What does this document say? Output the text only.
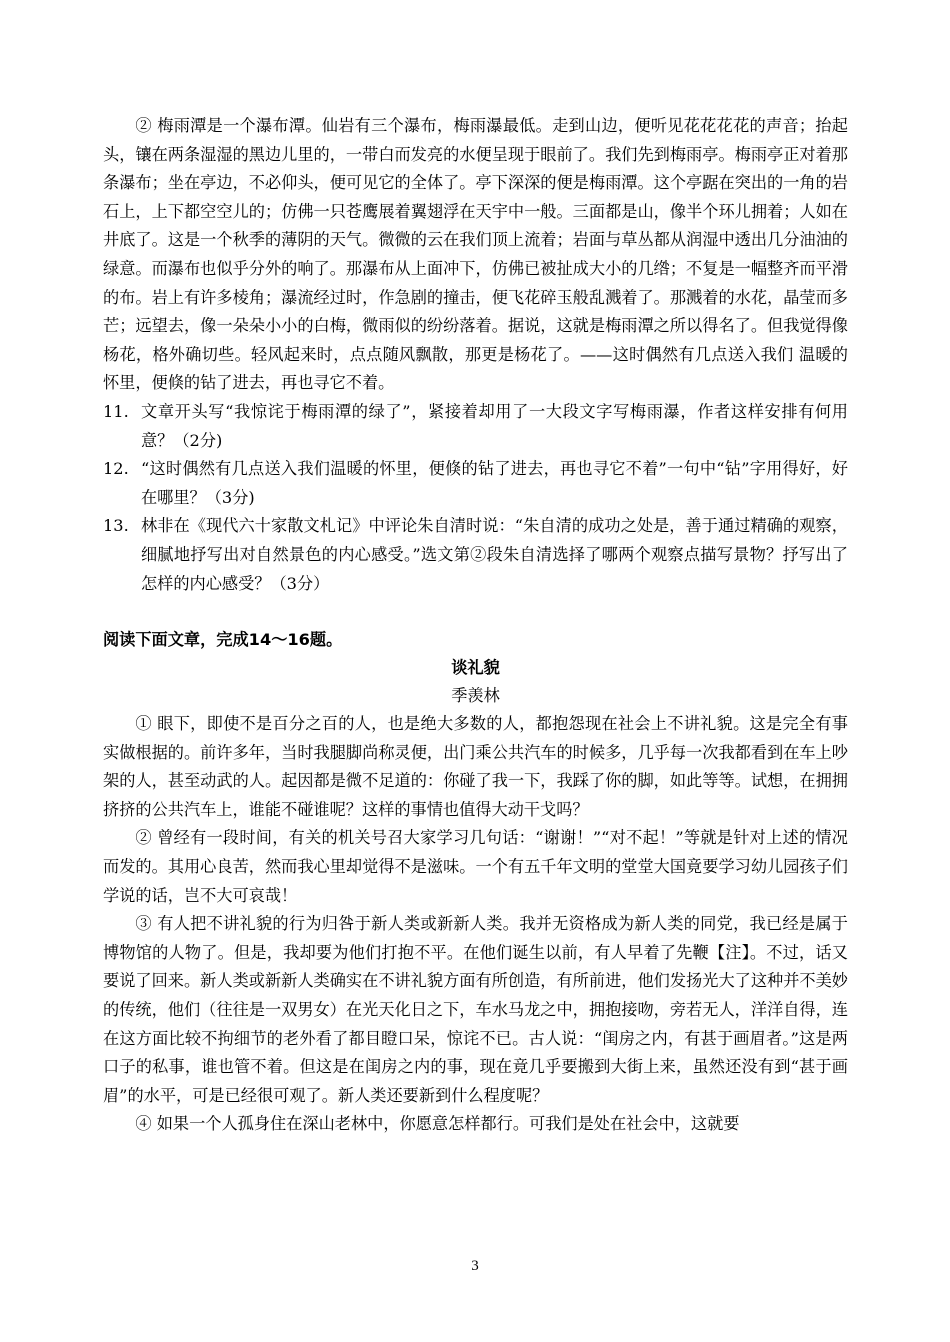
② 梅雨潭是一个瀑布潭。仙岩有三个瀑布，梅雨瀑最低。走到山边，便听见花花花花的声音；抬起头，镶在两条湿湿的黑边儿里的，一带白而发亮的水便呈现于眼前了。我们先到梅雨亭。梅雨亭正对着那条瀑布；坐在亭边，不必仰头，便可见它的全体了。亭下深深的便是梅雨潭。这个亭踞在突出的一角的岩石上，上下都空空儿的；仿佛一只苍鹰展着翼翅浮在天宇中一般。三面都是山，像半个环儿拥着；人如在井底了。这是一个秋季的薄阴的天气。微微的云在我们顶上流着；岩面与草丛都从润湿中透出几分油油的绿意。而瀑布也似乎分外的响了。那瀑布从上面冲下，仿佛已被扯成大小的几绺；不复是一幅整齐而平滑的布。岩上有许多棱角；瀑流经过时，作急剧的撞击，便飞花碎玉般乱溅着了。那溅着的水花，晶莹而多芒；远望去，像一朵朵小小的白梅，微雨似的纷纷落着。据说，这就是梅雨潭之所以得名了。但我觉得像杨花，格外确切些。轻风起来时，点点随风飘散，那更是杨花了。——这时偶然有几点送入我们 温暖的怀里，便倏的钻了进去，再也寻它不着。

11. 文章开头写“我惊诧于梅雨潭的绿了”，紧接着却用了一大段文字写梅雨瀑，作者这样安排有何用意？（2分)

12. “这时偶然有几点送入我们温暖的怀里，便倏的钻了进去，再也寻它不着”一句中“钻”字用得好，好在哪里？（3分)

13. 林非在《现代六十家散文札记》中评论朱自清时说：“朱自清的成功之处是，善于通过精确的观察，细腻地抒写出对自然景色的内心感受。”选文第②段朱自清选择了哪两个观察点描写景物？抒写出了怎样的内心感受？（3分）

阅读下面文章，完成14～16题。

谈礼貌

季羡林

① 眼下，即使不是百分之百的人，也是绝大多数的人，都抱怨现在社会上不讲礼貌。这是完全有事实做根据的。前许多年，当时我腿脚尚称灵便，出门乘公共汽车的时候多，几乎每一次我都看到在车上吵架的人，甚至动武的人。起因都是微不足道的：你碰了我一下，我踩了你的脚，如此等等。试想，在拥拥挤挤的公共汽车上，谁能不碰谁呢？这样的事情也值得大动干戈吗？

② 曾经有一段时间，有关的机关号召大家学习几句话：“谢谢！”“对不起！”等就是针对上述的情况而发的。其用心良苦，然而我心里却觉得不是滋味。一个有五千年文明的堂堂大国竟要学习幼儿园孩子们学说的话，岂不大可哀哉！

③ 有人把不讲礼貌的行为归咎于新人类或新新人类。我并无资格成为新人类的同党，我已经是属于博物馆的人物了。但是，我却要为他们打抱不平。在他们诞生以前，有人早着了先鞭【注】。不过，话又要说了回来。新人类或新新人类确实在不讲礼貌方面有所创造，有所前进，他们发扬光大了这种并不美妙的传统，他们（往往是一双男女）在光天化日之下，车水马龙之中，拥抱接吻，旁若无人，洋洋自得，连在这方面比较不拘细节的老外看了都目瞪口呆，惊诧不已。古人说：“闺房之内，有甚于画眉者。”这是两口子的私事，谁也管不着。但这是在闺房之内的事，现在竟几乎要搬到大街上来，虽然还没有到“甚于画眉”的水平，可是已经很可观了。新人类还要新到什么程度呢？

④ 如果一个人孤身住在深山老林中，你愿意怎样都行。可我们是处在社会中，这就要

3
